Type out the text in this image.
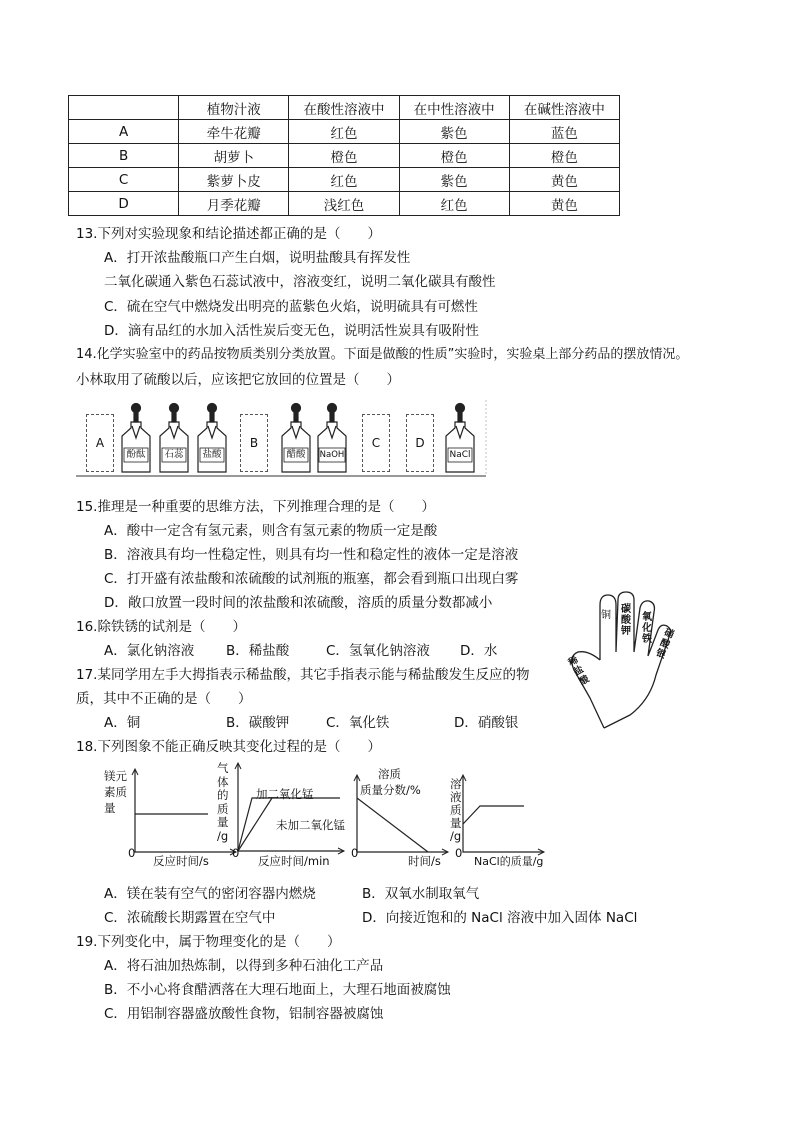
	植物汁液	在酸性溶液中	在中性溶液中	在碱性溶液中
A	牵牛花瓣	红色	紫色	蓝色
B	胡萝卜	橙色	橙色	橙色
C	紫萝卜皮	红色	紫色	黄色
D	月季花瓣	浅红色	红色	黄色
13.下列对实验现象和结论描述都正确的是（　　）
A．打开浓盐酸瓶口产生白烟，说明盐酸具有挥发性
二氧化碳通入紫色石蕊试液中，溶液变红，说明二氧化碳具有酸性
C．硫在空气中燃烧发出明亮的蓝紫色火焰，说明硫具有可燃性
D．滴有品红的水加入活性炭后变无色，说明活性炭具有吸附性
14.化学实验室中的药品按物质类别分类放置。下面是做酸的性质”实验时，实验桌上部分药品的摆放情况。
小林取用了硫酸以后，应该把它放回的位置是（　　）
A	B	C	D
酚酞 石蕊 盐酸	醋酸 NaOH	NaCl
15.推理是一种重要的思维方法，下列推理合理的是（　　）
A．酸中一定含有氢元素，则含有氢元素的物质一定是酸
B．溶液具有均一性稳定性，则具有均一性和稳定性的液体一定是溶液
C．打开盛有浓盐酸和浓硫酸的试剂瓶的瓶塞，都会看到瓶口出现白雾
D．敞口放置一段时间的浓盐酸和浓硫酸，溶质的质量分数都减小
铜
碳酸钾
氧化铁	硝酸银
稀盐酸
16.除铁锈的试剂是（　　）
A．氯化钠溶液 B．稀盐酸	C．氢氧化钠溶液 D．水
17.某同学用左手大拇指表示稀盐酸，其它手指表示能与稀盐酸发生反应的物
质，其中不正确的是（　　）
A．铜	B．碳酸钾	C．氧化铁	D．硝酸银
18.下列图象不能正确反映其变化过程的是（　　）
镁元
素质
量
0
反应时间/s
气
体
的
质
量
/g
加二氧化锰
未加二氧化锰
0
反应时间/min
溶质
质量分数/%
0
时间/s
溶
液
质
量
/g
0
NaCl的质量/g
A．镁在装有空气的密闭容器内燃烧	B．双氧水制取氧气
C．浓硫酸长期露置在空气中	D．向接近饱和的 NaCl 溶液中加入固体 NaCl
19.下列变化中，属于物理变化的是（　　）
A．将石油加热炼制，以得到多种石油化工产品
B．不小心将食醋洒落在大理石地面上，大理石地面被腐蚀
C．用铝制容器盛放酸性食物，铝制容器被腐蚀
